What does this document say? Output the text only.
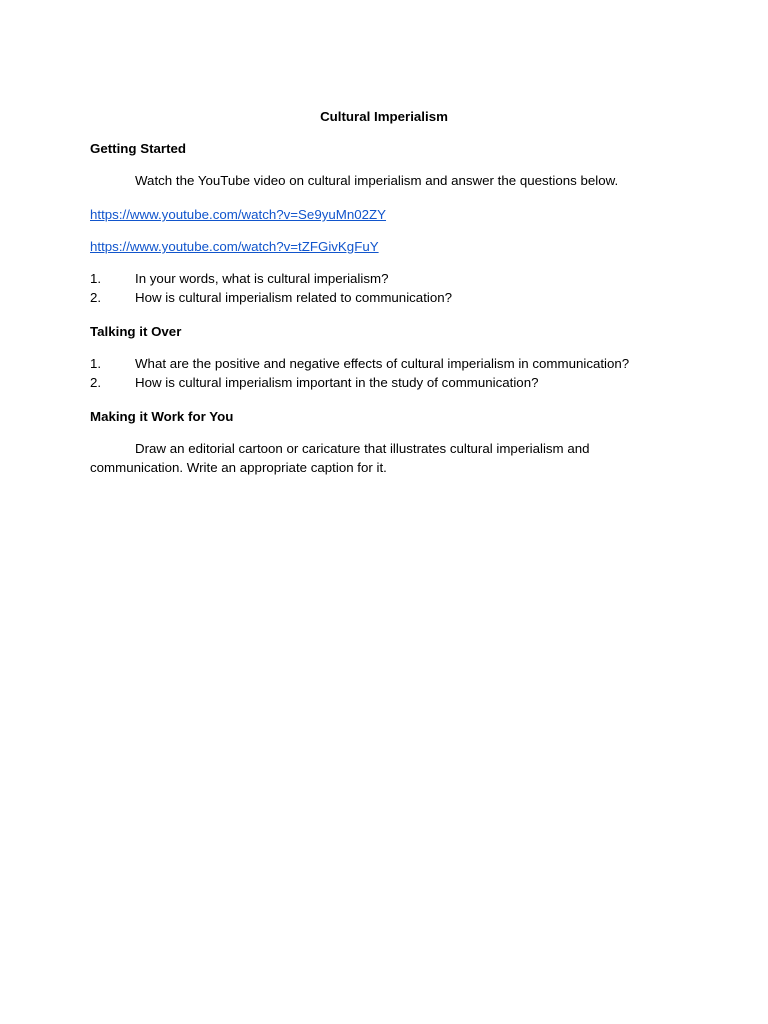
Cultural Imperialism
Getting Started
Watch the YouTube video on cultural imperialism and answer the questions below.
https://www.youtube.com/watch?v=Se9yuMn02ZY
https://www.youtube.com/watch?v=tZFGivKgFuY
1.	In your words, what is cultural imperialism?
2.	How is cultural imperialism related to communication?
Talking it Over
1.	What are the positive and negative effects of cultural imperialism in communication?
2.	How is cultural imperialism important in the study of communication?
Making it Work for You
Draw an editorial cartoon or caricature that illustrates cultural imperialism and communication. Write an appropriate caption for it.
